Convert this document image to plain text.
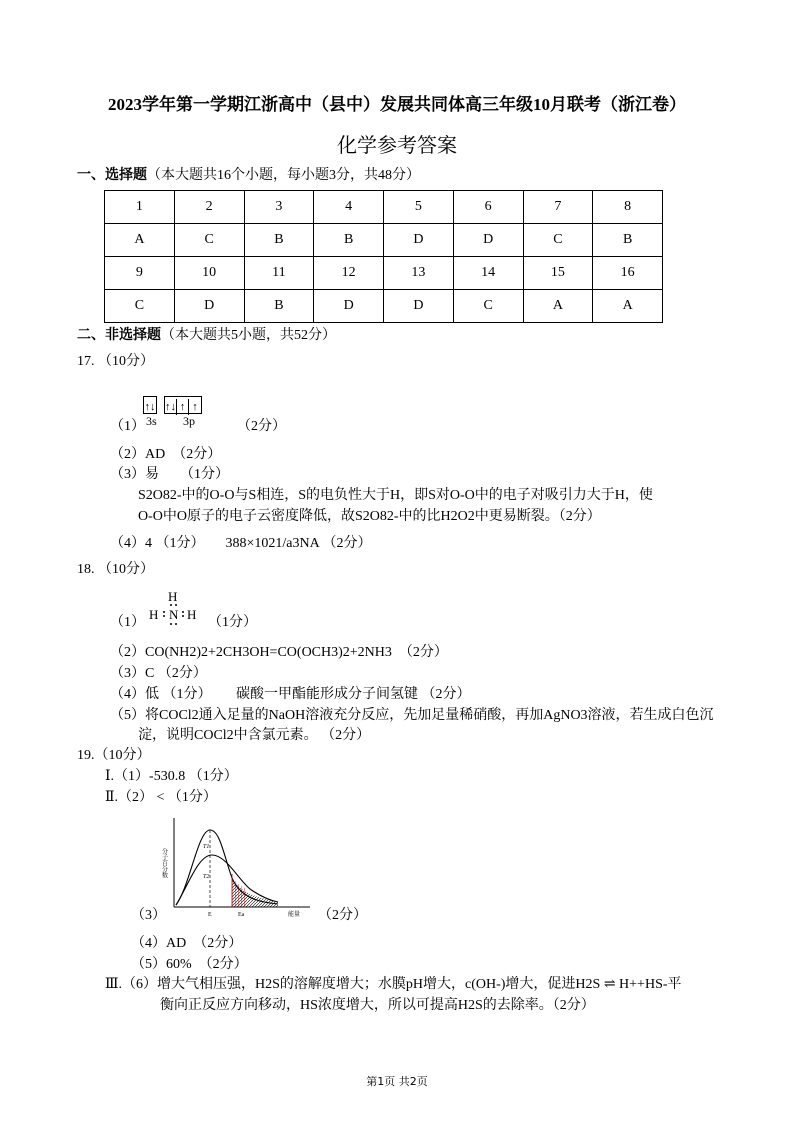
2023学年第一学期江浙高中（县中）发展共同体高三年级10月联考（浙江卷）
化学参考答案
一、选择题（本大题共16个小题，每小题3分，共48分）
1	2	3	4	5	6	7	8
A	C	B	B	D	D	C	B
9	10	11	12	13	14	15	16
C	D	B	D	D	C	A	A
二、非选择题（本大题共5小题，共52分）
17. （10分）
↑↓ ↑↓ ↑ ↑
3s 3p
（1）	（2分）
（2）AD　（2分）
（3）易　　（1分）
S2O82-中的O-O与S相连，S的电负性大于H，即S对O-O中的电子对吸引力大于H，使
O-O中O原子的电子云密度降低，故S2O82-中的比H2O2中更易断裂。（2分）
（4）4 （1分）　　388×1021/a3NA （2分）
18. （10分）
（1）
H
H N H
（1分）
（2）CO(NH2)2+2CH3OH=CO(OCH3)2+2NH3　（2分）
（3）C （2分）
（4）低 （1分）　　 碳酸一甲酯能形成分子间氢键 （2分）
（5）将COCl2通入足量的NaOH溶液充分反应，先加足量稀硝酸，再加AgNO3溶液，若生成白色沉
淀，说明COCl2中含氯元素。 （2分）
19.（10分）
Ⅰ.（1）-530.8 （1分）
Ⅱ.（2） < （1分）
分子百分数
T1
T2
E	Ea	能量
（3）	（2分）
（4）AD　（2分）
（5）60%　（2分）
Ⅲ.（6）增大气相压强，H2S的溶解度增大；水膜pH增大，c(OH-)增大，促进H2S ⇌ H++HS-平
衡向正反应方向移动，HS浓度增大，所以可提高H2S的去除率。（2分）
第1页 共2页
